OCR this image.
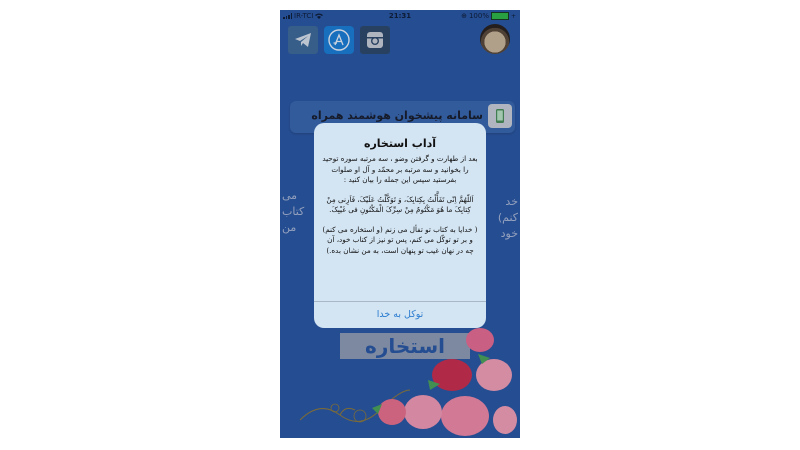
IR-TCI	21:31	⊕ 100%	+
سامانه پیشخوان هوشمند همراه
می
کتاب
من
خد
کنم)
خود
استخاره
آداب استخاره

بعد از طهارت و گرفتن وضو ، سه مرتبه سوره توحید را بخوانید و سه مرتبه بر محمّد و آل او صلوات بفرستید سپس این جمله را بیان کنید :

اَللّهُمَّ اِنّی تَفَأَّلْتُ بِکِتابِکَ، وَ تَوَکَّلْتُ عَلَیْکَ، فَاَرِنی مِنْ کِتابِکَ ما هُوَ مَکْتُومٌ مِنْ سِرِّکَ الْمَکْنُونِ فی غَیْبِکَ.

( خدایا به کتاب تو تفأل می زنم (و استخاره می کنم) و بر تو توکّل می کنم، پس تو نیز از کتاب خود، آن چه در نهان غیب تو پنهان است، به من نشان بده.)

توکل به خدا
